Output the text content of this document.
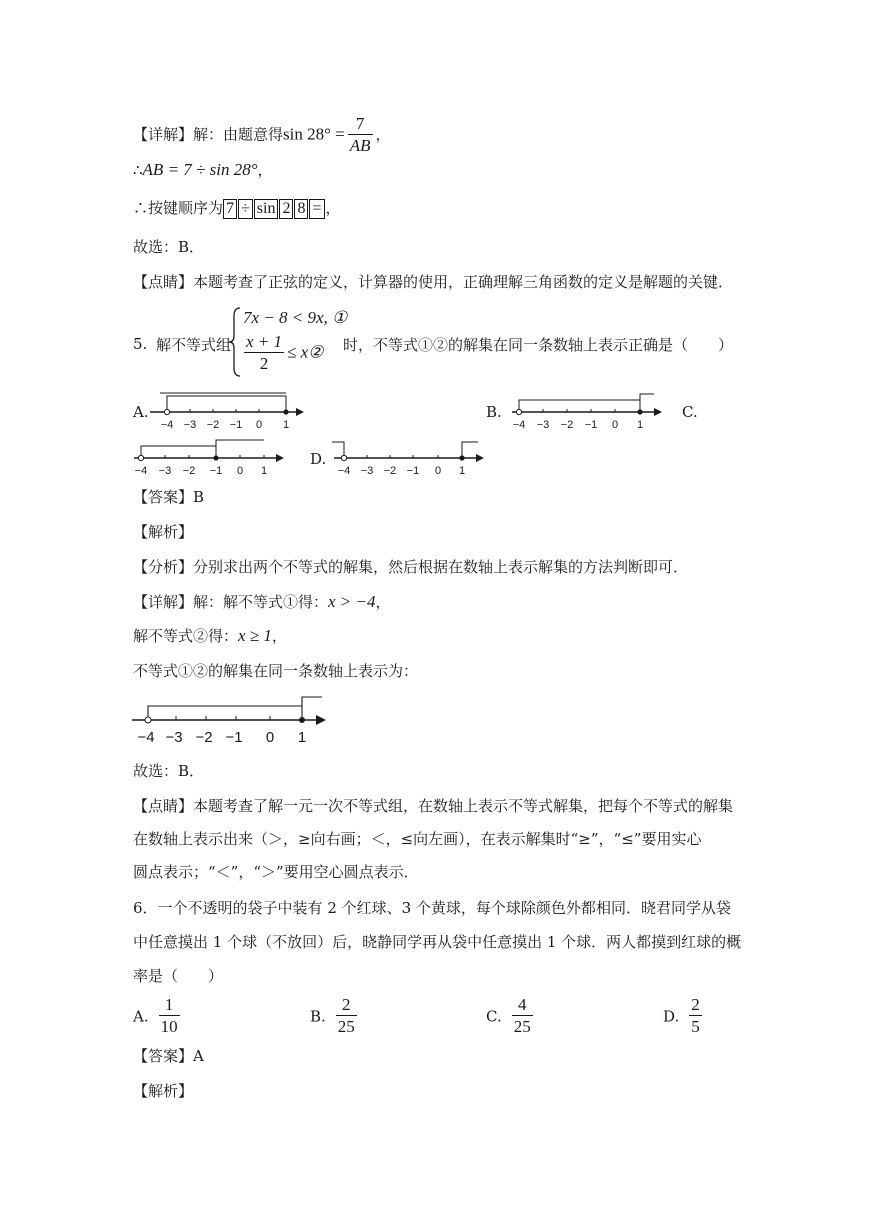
【详解】解：由题意得$\sin 28^\circ = \frac{7}{AB}$ ，
∴AB = 7 ÷ sin 28°，
∴按键顺序为 7 ÷ sin 2 8 = ，
故选：B．
【点睛】本题考查了正弦的定义，计算器的使用，正确理解三角函数的定义是解题的关键．
5. 解不等式组
7x − 8 < 9x, ①
$\frac{x + 1}{2}$ ≤ x② 时，不等式①②的解集在同一条数轴上表示正确是（　　）
A.
−4 −3 −2 −1 0 1
B.
−4 −3 −2 −1 0 1
C.
−4 −3 −2 −1 0 1
D.
−4 −3 −2 −1 0 1
【答案】B
【解析】
【分析】分别求出两个不等式的解集，然后根据在数轴上表示解集的方法判断即可．
【详解】解：解不等式①得：x > −4，
解不等式②得：x ≥ 1，
不等式①②的解集在同一条数轴上表示为：
−4 −3 −2 −1 0 1
故选：B．
【点睛】本题考查了解一元一次不等式组，在数轴上表示不等式解集，把每个不等式的解集
在数轴上表示出来（＞，≥向右画；＜，≤向左画），在表示解集时“≥”，“≤”要用实心
圆点表示；“＜”，“＞”要用空心圆点表示．
6．一个不透明的袋子中装有 2 个红球、3 个黄球，每个球除颜色外都相同．晓君同学从袋
中任意摸出 1 个球（不放回）后，晓静同学再从袋中任意摸出 1 个球．两人都摸到红球的概
率是（　　）
A. $\frac{1}{10}$	B. $\frac{2}{25}$	C. $\frac{4}{25}$	D. $\frac{2}{5}$
【答案】A
【解析】
